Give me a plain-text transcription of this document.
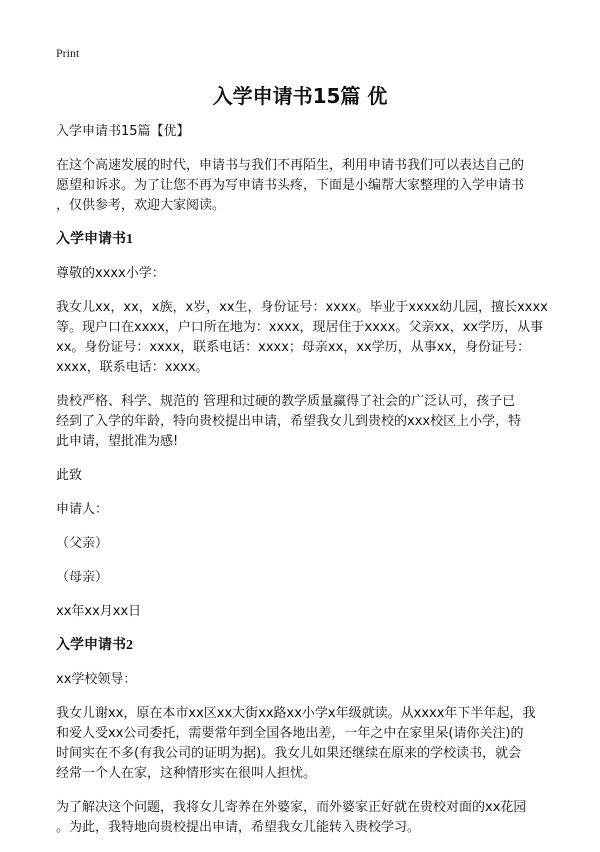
Print
入学申请书15篇 优
入学申请书15篇【优】
在这个高速发展的时代，申请书与我们不再陌生，利用申请书我们可以表达自己的
愿望和诉求。为了让您不再为写申请书头疼，下面是小编帮大家整理的入学申请书
，仅供参考，欢迎大家阅读。
入学申请书1
尊敬的xxxx小学：
我女儿xx，xx，x族，x岁，xx生，身份证号：xxxx。毕业于xxxx幼儿园，擅长xxxx
等。现户口在xxxx，户口所在地为：xxxx，现居住于xxxx。父亲xx，xx学历，从事
xx。身份证号：xxxx，联系电话：xxxx；母亲xx，xx学历，从事xx，身份证号：
xxxx，联系电话：xxxx。
贵校严格、科学、规范的 管理和过硬的教学质量赢得了社会的广泛认可，孩子已
经到了入学的年龄，特向贵校提出申请，希望我女儿到贵校的xxx校区上小学，特
此申请，望批准为感!
此致
申请人：
（父亲）
（母亲）
xx年xx月xx日
入学申请书2
xx学校领导：
我女儿谢xx，原在本市xx区xx大街xx路xx小学x年级就读。从xxxx年下半年起，我
和爱人受xx公司委托，需要常年到全国各地出差，一年之中在家里呆(请你关注)的
时间实在不多(有我公司的证明为据)。我女儿如果还继续在原来的学校读书，就会
经常一个人在家，这种情形实在很叫人担忧。
为了解决这个问题，我将女儿寄养在外婆家，而外婆家正好就在贵校对面的xx花园
。为此，我特地向贵校提出申请，希望我女儿能转入贵校学习。
